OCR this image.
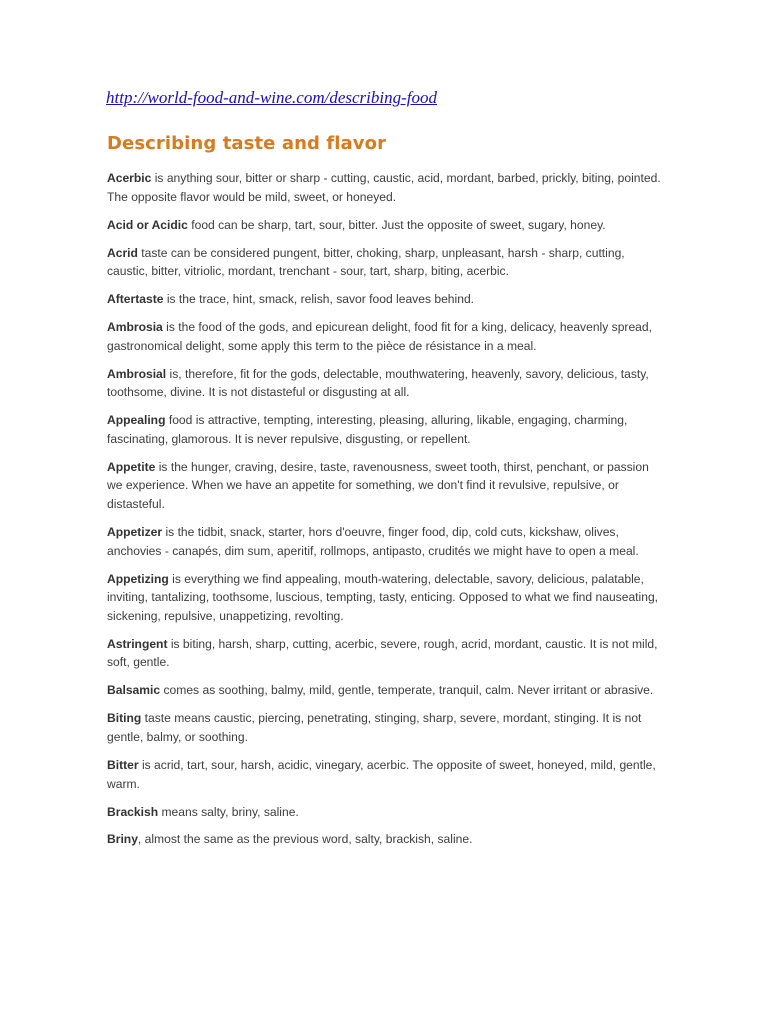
http://world-food-and-wine.com/describing-food
Describing taste and flavor

Acerbic is anything sour, bitter or sharp - cutting, caustic, acid, mordant, barbed, prickly, biting, pointed. The opposite flavor would be mild, sweet, or honeyed.

Acid or Acidic food can be sharp, tart, sour, bitter. Just the opposite of sweet, sugary, honey.

Acrid taste can be considered pungent, bitter, choking, sharp, unpleasant, harsh - sharp, cutting, caustic, bitter, vitriolic, mordant, trenchant - sour, tart, sharp, biting, acerbic.

Aftertaste is the trace, hint, smack, relish, savor food leaves behind.

Ambrosia is the food of the gods, and epicurean delight, food fit for a king, delicacy, heavenly spread, gastronomical delight, some apply this term to the pièce de résistance in a meal.

Ambrosial is, therefore, fit for the gods, delectable, mouthwatering, heavenly, savory, delicious, tasty, toothsome, divine. It is not distasteful or disgusting at all.

Appealing food is attractive, tempting, interesting, pleasing, alluring, likable, engaging, charming, fascinating, glamorous. It is never repulsive, disgusting, or repellent.

Appetite is the hunger, craving, desire, taste, ravenousness, sweet tooth, thirst, penchant, or passion we experience. When we have an appetite for something, we don't find it revulsive, repulsive, or distasteful.

Appetizer is the tidbit, snack, starter, hors d'oeuvre, finger food, dip, cold cuts, kickshaw, olives, anchovies - canapés, dim sum, aperitif, rollmops, antipasto, crudités we might have to open a meal.

Appetizing is everything we find appealing, mouth-watering, delectable, savory, delicious, palatable, inviting, tantalizing, toothsome, luscious, tempting, tasty, enticing. Opposed to what we find nauseating, sickening, repulsive, unappetizing, revolting.

Astringent is biting, harsh, sharp, cutting, acerbic, severe, rough, acrid, mordant, caustic. It is not mild, soft, gentle.

Balsamic comes as soothing, balmy, mild, gentle, temperate, tranquil, calm. Never irritant or abrasive.

Biting taste means caustic, piercing, penetrating, stinging, sharp, severe, mordant, stinging. It is not gentle, balmy, or soothing.

Bitter is acrid, tart, sour, harsh, acidic, vinegary, acerbic. The opposite of sweet, honeyed, mild, gentle, warm.

Brackish means salty, briny, saline.

Briny, almost the same as the previous word, salty, brackish, saline.
